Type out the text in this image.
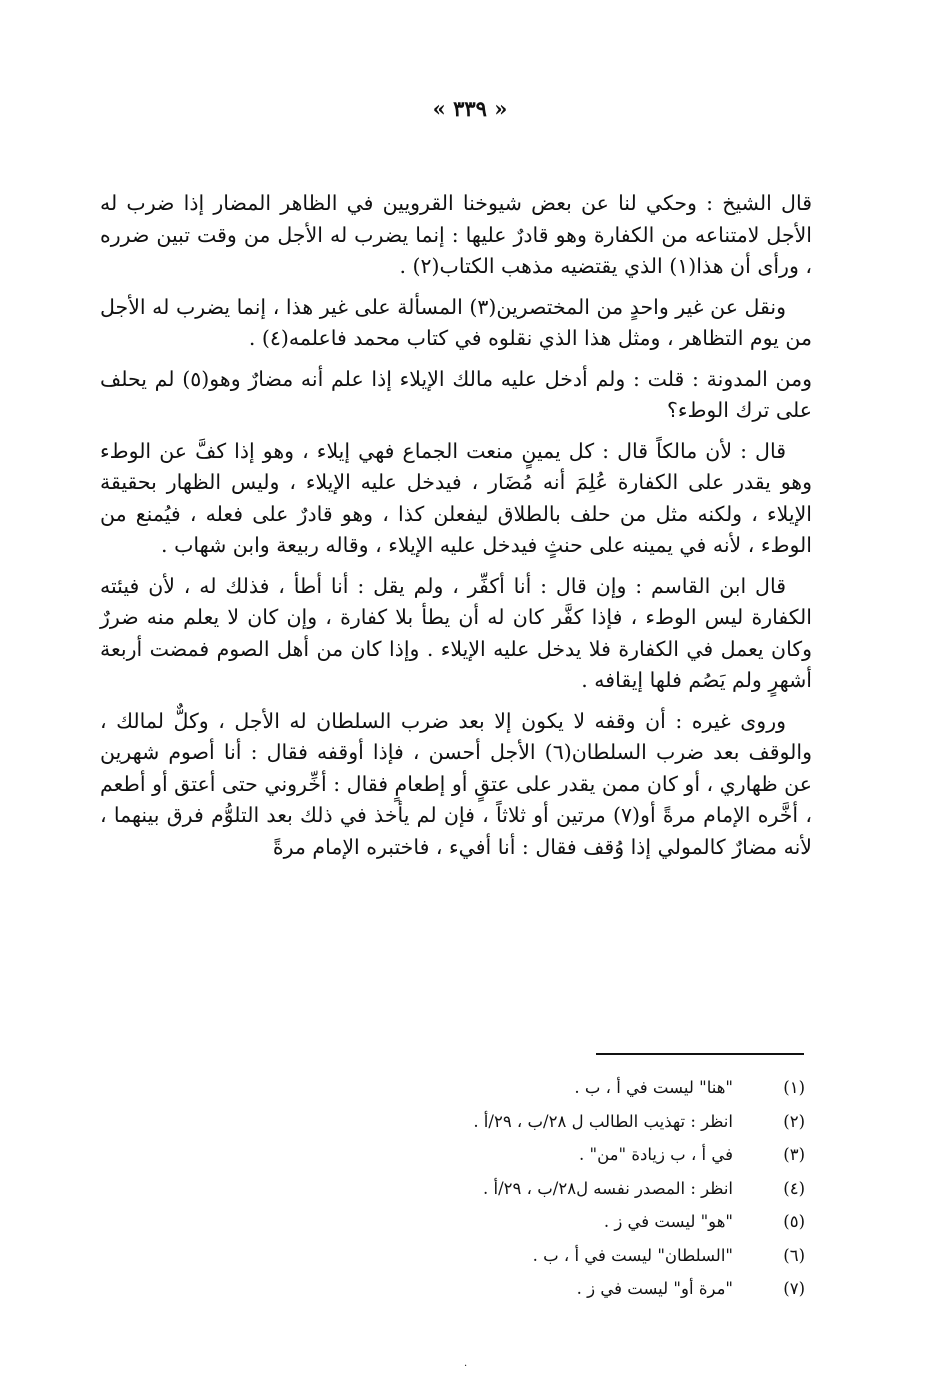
« ٣٣٩ »

قال الشيخ : وحكي لنا عن بعض شيوخنا القرويين في الظاهر المضار إذا ضرب له الأجل لامتناعه من الكفارة وهو قادرٌ عليها : إنما يضرب له الأجل من وقت تبين ضرره ، ورأى أن هذا(١) الذي يقتضيه مذهب الكتاب(٢) .

ونقل عن غير واحدٍ من المختصرين(٣) المسألة على غير هذا ، إنما يضرب له الأجل من يوم التظاهر ، ومثل هذا الذي نقلوه في كتاب محمد فاعلمه(٤) .

ومن المدونة : قلت : ولم أدخل عليه مالك الإيلاء إذا علم أنه مضارٌ وهو(٥) لم يحلف على ترك الوطء؟

قال : لأن مالكاً قال : كل يمينٍ منعت الجماع فهي إيلاء ، وهو إذا كفَّ عن الوطء وهو يقدر على الكفارة عُلِمَ أنه مُضَار ، فيدخل عليه الإيلاء ، وليس الظهار بحقيقة الإيلاء ، ولكنه مثل من حلف بالطلاق ليفعلن كذا ، وهو قادرٌ على فعله ، فيُمنع من الوطء ، لأنه في يمينه على حنثٍ فيدخل عليه الإيلاء ، وقاله ربيعة وابن شهاب .

قال ابن القاسم : وإن قال : أنا أكفِّر ، ولم يقل : أنا أطأ ، فذلك له ، لأن فيئته الكفارة ليس الوطء ، فإذا كفَّر كان له أن يطأ بلا كفارة ، وإن كان لا يعلم منه ضررٌ وكان يعمل في الكفارة فلا يدخل عليه الإيلاء . وإذا كان من أهل الصوم فمضت أربعة أشهرٍ ولم يَصُم فلها إيقافه .

وروى غيره : أن وقفه لا يكون إلا بعد ضرب السلطان له الأجل ، وكلٌّ لمالك ، والوقف بعد ضرب السلطان(٦) الأجل أحسن ، فإذا أوقفه فقال : أنا أصوم شهرين عن ظهاري ، أو كان ممن يقدر على عتقٍ أو إطعامٍ فقال : أخِّروني حتى أعتق أو أطعم ، أخَّره الإمام مرةً أو(٧) مرتين أو ثلاثاً ، فإن لم يأخذ في ذلك بعد التلوُّم فرق بينهما ، لأنه مضارٌ كالمولي إذا وُقف فقال : أنا أفيء ، فاختبره الإمام مرةً

(١)
"هنا" ليست في أ ، ب .
(٢)
انظر : تهذيب الطالب ل ٢٨/ب ، ٢٩/أ .
(٣)
في أ ، ب زيادة "من" .
(٤)
انظر : المصدر نفسه ل٢٨/ب ، ٢٩/أ .
(٥)
"هو" ليست في ز .
(٦)
"السلطان" ليست في أ ، ب .
(٧)
"مرة أو" ليست في ز .
.
